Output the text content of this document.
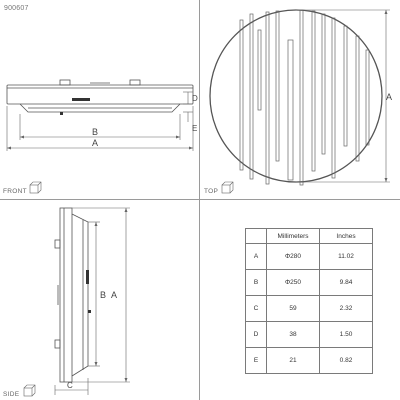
900607
B
A
D
E
FRONT
A
TOP
B A
C
SIDE
	Millimeters	Inches
A	Φ280	11.02
B	Φ250	9.84
C	59	2.32
D	38	1.50
E	21	0.82
